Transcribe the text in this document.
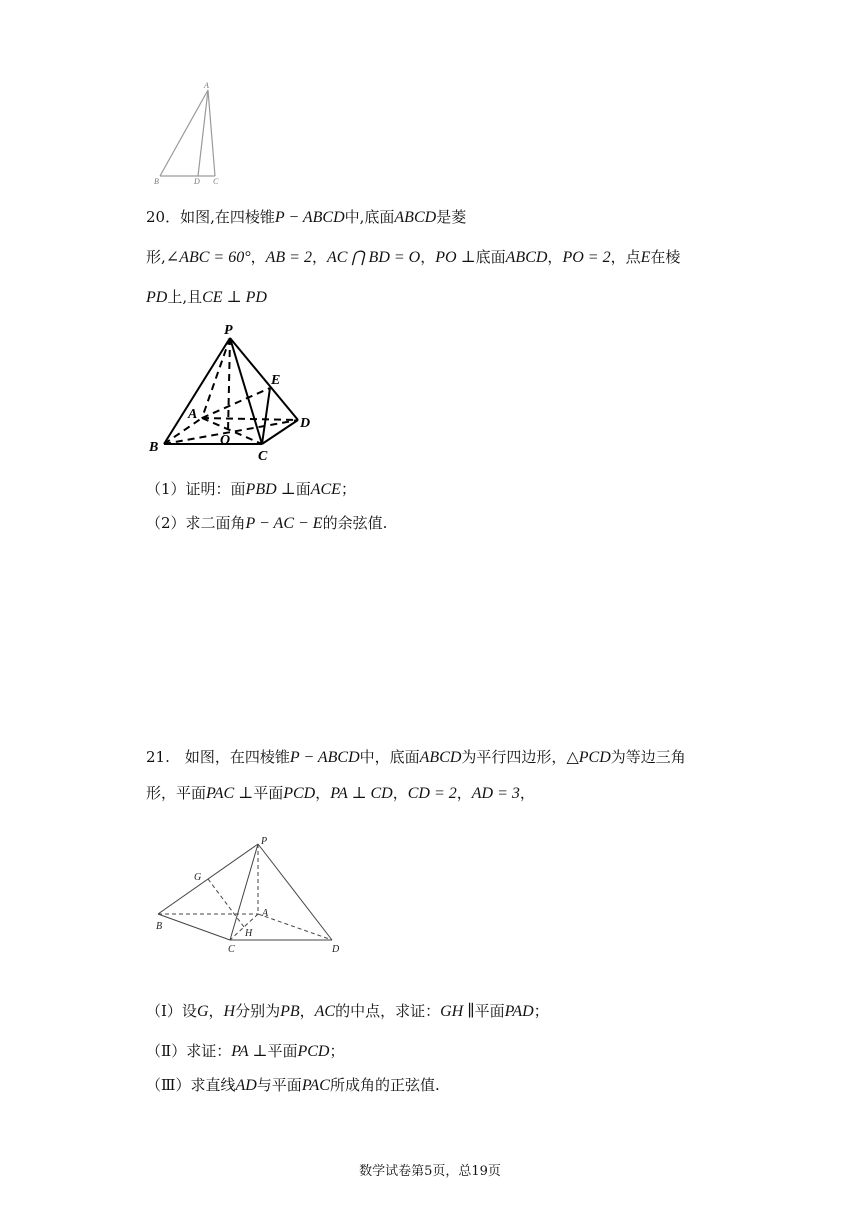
A
B	D C
20．如图,在四棱锥P − ABCD中,底面ABCD是菱
形,∠ABC = 60°，AB = 2，AC ⋂ BD = O，PO ⊥底面ABCD，PO = 2，点E在棱
PD上,且CE ⊥ PD
P
E
A
D
B	O
C
（1）证明：面PBD ⊥面ACE；
（2）求二面角P − AC − E的余弦值.
21.　如图，在四棱锥P − ABCD中，底面ABCD为平行四边形，△PCD为等边三角
形，平面PAC ⊥平面PCD，PA ⊥ CD，CD = 2，AD = 3，
P
G
A
B
H
C	D
（Ⅰ）设G，H分别为PB，AC的中点，求证：GH ∥平面PAD；
（Ⅱ）求证：PA ⊥平面PCD；
（Ⅲ）求直线AD与平面PAC所成角的正弦值.
数学试卷第5页，总19页
